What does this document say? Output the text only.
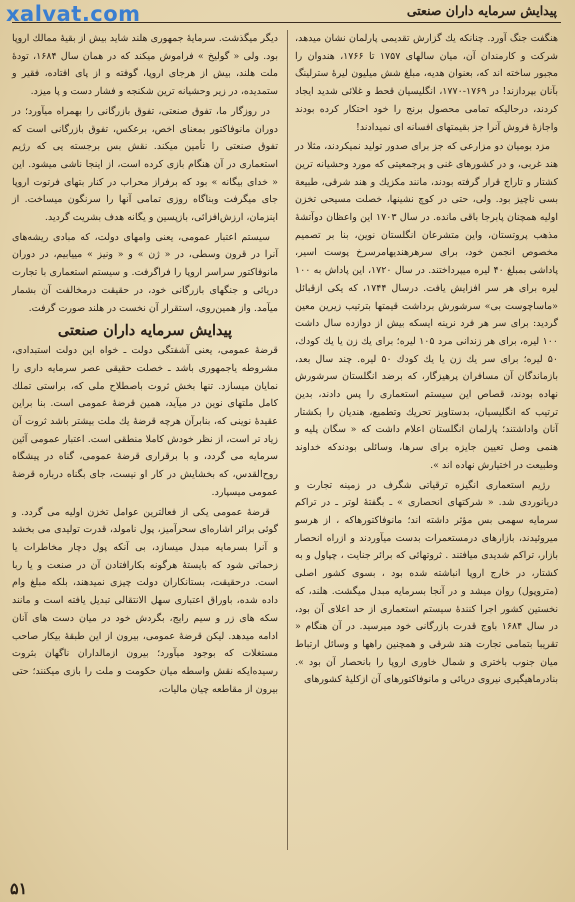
xalvat.com	پیدایش سرمایه داران صنعتی

هنگفت جنگ آورد. چنانکه یك گزارش تقدیمی پارلمان نشان میدهد، شرکت و کارمندان آن، میان سالهای ۱۷۵۷ تا ۱۷۶۶، هندوان را مجبور ساخته اند که، بعنوان هدیه، مبلغ شش میلیون لیرۀ سترلینگ بآنان بپردازند! در ۱۷۶۹-۱۷۷۰، انگلیسیان قحط و غلائی شدید ایجاد کردند، درحالیکه تمامی محصول برنج را خود احتکار کرده بودند واجازۀ فروش آنرا جز بقیمتهای افسانه ای نمیدادند!

مزد بومیان دو مزارعی که جز برای صدور تولید نمیکردند، مثلا در هند غربی، و در کشورهای غنی و پرجمعیتی که مورد وحشیانه ترین کشتار و تاراج قرار گرفته بودند، مانند مکزیك و هند شرقی، طبیعة بسی ناچیز بود. ولی، حتی در کوچ نشینها، خصلت مسیحی تخزن اولیه همچنان پابرجا باقی مانده. در سال ۱۷۰۳ این واعظان دوآتشۀ مذهب پروتستان، واین متشرعان انگلستان نوین، بنا بر تصمیم مخصوص انجمن خود، برای سرهرهندیهامرسرخ پوست اسیر، پاداشی بمبلغ ۴۰ لیره میپرداختند. در سال ۱۷۲۰، این پاداش به ۱۰۰ لیره برای هر سر افزایش یافت. درسال ۱۷۴۴، که یکی ازقبائل «ماساچوست بی» سرشورش برداشت قیمتها بترتیب زیرین معین گردید: برای سر هر فرد نرینه ایسکه بیش از دوازده سال داشت ۱۰۰ لیره، برای هر زندانی مرد ۱۰۵ لیره؛ برای یك زن یا یك کودك، ۵۰ لیره؛ برای سر یك زن یا یك کودك ۵۰ لیره. چند سال بعد، بازماندگان آن مسافران پرهیزگار، که برضد انگلستان سرشورش نهاده بودند، قصاص این سیستم استعماری را پس دادند، بدین ترتیب که انگلیسیان، بدستاویز تحریك وتطمیع، هندیان را بکشتار آنان واداشتند؛ پارلمان انگلستان اعلام داشت که « سگان پلیه و هنمی وصل تعیین جایزه برای سرها، وسائلی بودندکه خداوند وطبیعت در اختیارش نهاده اند ».

رژیم استعماری انگیزه ترقیاتی شگرف در زمینه تجارت و دریانوردی شد. « شرکتهای انحصاری » ـ بگفتۀ لوتر ـ در تراکم سرمایه سهمی بس مؤثر داشته اند؛ مانوفاکتورهاکه ، از هرسو میروئیدند، بازارهای درمستعمرات بدست میآوردند و ازراه انحصار بازار، تراکم شدیدی میافتند . ثروتهائی که برائر جنایت ، چپاول و به کشتار، در خارج اروپا انباشته شده بود ، بسوی کشور اصلی (متروپول) روان میشد و در آنجا بسرمایه مبدل میگشت. هلند، که نخستین کشور اجرا کنندۀ سیستم استعماری از حد اعلای آن بود، در سال ۱۶۸۴ باوج قدرت بازرگانی خود میرسید. در آن هنگام « تقریبا بتمامی تجارت هند شرقی و همچنین راهها و وسائل ارتباط میان جنوب باختری و شمال خاوری اروپا را بانحصار آن بود ». بنادرماهیگیری نیروی دریائی و مانوفاکتورهای آن ازکلیۀ کشورهای

دیگر میگذشت. سرمایۀ جمهوری هلند شاید بیش از بقیۀ ممالك اروپا بود. ولی « گولیخ » فراموش میکند که در همان سال ۱۶۸۴، تودۀ ملت هلند، بیش از هرجای اروپا، گوفته و از پای افتاده، فقیر و ستمدیده، در زیر وحشیانه ترین شکنجه و فشار دست و پا میزد.

در روزگار ما، تفوق صنعتی، تفوق بازرگانی را بهمراه میآورد؛ در دوران مانوفاکتور بمعنای اخص، برعکس، تفوق بازرگانی است که تفوق صنعتی را تأمین میکند. نقش بس برجسته یی که رژیم استعماری در آن هنگام بازی کرده است، از اینجا ناشی میشود. این « خدای بیگانه » بود که برفراز محراب در کنار بتهای فرتوت اروپا جای میگرفت وبناگاه روزی تمامی آنها را سرنگون میساخت. از اینزمان، ارزش‌افزائی، بازپسین و یگانه هدف بشریت گردید.

سیستم اعتبار عمومی، یعنی وامهای دولت، که مبادی ریشه‌های آنرا در قرون وسطی، در « ژن » و « ونیز » مییابیم، در دوران مانوفاکتور سراسر اروپا را فراگرفت. و سیستم استعماری با تجارت دریائی و جنگهای بازرگانی خود، در حقیقت درمخالفت آن بشمار میآمد. واز همین‌روی، استقرار آن نخست در هلند صورت گرفت.

پیدایش سرمایه داران صنعتی

قرضۀ عمومی، یعنی آشفتگی دولت ـ خواه این دولت استبدادی، مشروطه یاجمهوری باشد ـ خصلت حقیقی عصر سرمایه داری را نمایان میسازد. تنها بخش ثروت باصطلاح ملی که، براستی تملك کامل ملتهای نوین در میآید، همین قرضۀ عمومی است. بنا براین عقیدۀ نوینی که، بنابرآن هرچه قرضۀ یك ملت بیشتر باشد ثروت آن زیاد تر است، از نظر خودش کاملا منطقی است. اعتبار عمومی آئین سرمایه می گردد، و با برقراری قرضۀ عمومی، گناه در پیشگاه روح‌القدس، که بخشایش در کار او نیست، جای بگناه درباره قرضۀ عمومی میسپارد.

قرضۀ عمومی یکی از فعالترین عوامل تخزن اولیه می گردد. و گوئی برائر اشاره‌ای سحرآمیز، پول نامولد، قدرت تولیدی می بخشد و آنرا بسرمایه مبدل میسازد، بی آنکه پول دچار مخاطرات یا زحماتی شود که بایستۀ هرگونه بکارافتادن آن در صنعت و یا ربا است. درحقیقت، بستانکاران دولت چیزی نمیدهند، بلکه مبلغ وام داده شده، باوراق اعتباری سهل الانتقالی تبدیل یافته است و مانند سکه های زر و سیم رایج، بگردش خود در میان دست های آنان ادامه میدهد. لیکن قرضۀ عمومی، بیرون از این طبقۀ بیکار صاحب مستغلات که بوجود میآورد؛ بیرون ازمالداران ناگهان بثروت رسیده‌ایکه نقش واسطه میان حکومت و ملت را بازی میکنند؛ حتی بیرون از مقاطعه چیان مالیات،

۵۱
